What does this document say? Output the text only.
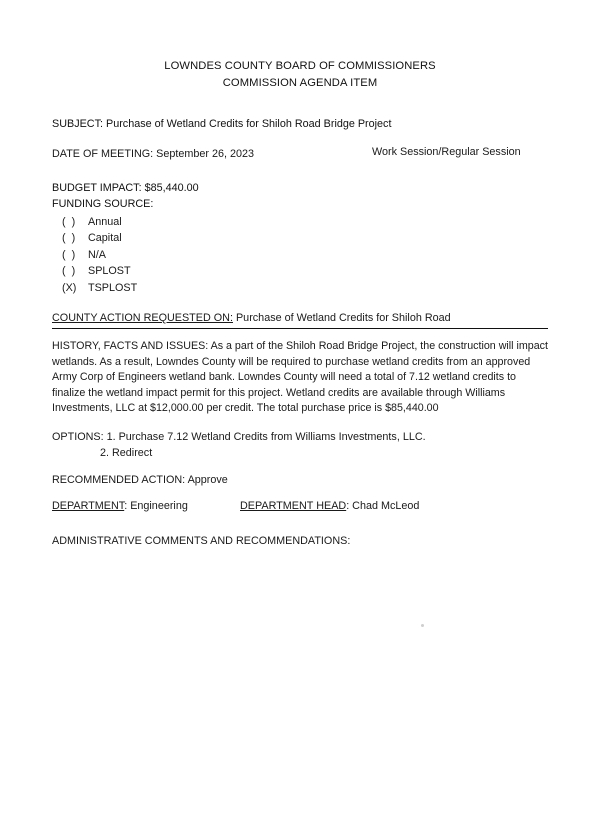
LOWNDES COUNTY BOARD OF COMMISSIONERS
COMMISSION AGENDA ITEM
SUBJECT: Purchase of Wetland Credits for Shiloh Road Bridge Project
DATE OF MEETING: September 26, 2023	Work Session/Regular Session
BUDGET IMPACT: $85,440.00
FUNDING SOURCE:
(  ) Annual
(  ) Capital
(  ) N/A
(  ) SPLOST
(X) TSPLOST
COUNTY ACTION REQUESTED ON: Purchase of Wetland Credits for Shiloh Road
HISTORY, FACTS AND ISSUES: As a part of the Shiloh Road Bridge Project, the construction will impact wetlands. As a result, Lowndes County will be required to purchase wetland credits from an approved Army Corp of Engineers wetland bank. Lowndes County will need a total of 7.12 wetland credits to finalize the wetland impact permit for this project. Wetland credits are available through Williams Investments, LLC at $12,000.00 per credit. The total purchase price is $85,440.00
OPTIONS: 1. Purchase 7.12 Wetland Credits from Williams Investments, LLC.
2. Redirect
RECOMMENDED ACTION: Approve
DEPARTMENT: Engineering	DEPARTMENT HEAD: Chad McLeod
ADMINISTRATIVE COMMENTS AND RECOMMENDATIONS:
